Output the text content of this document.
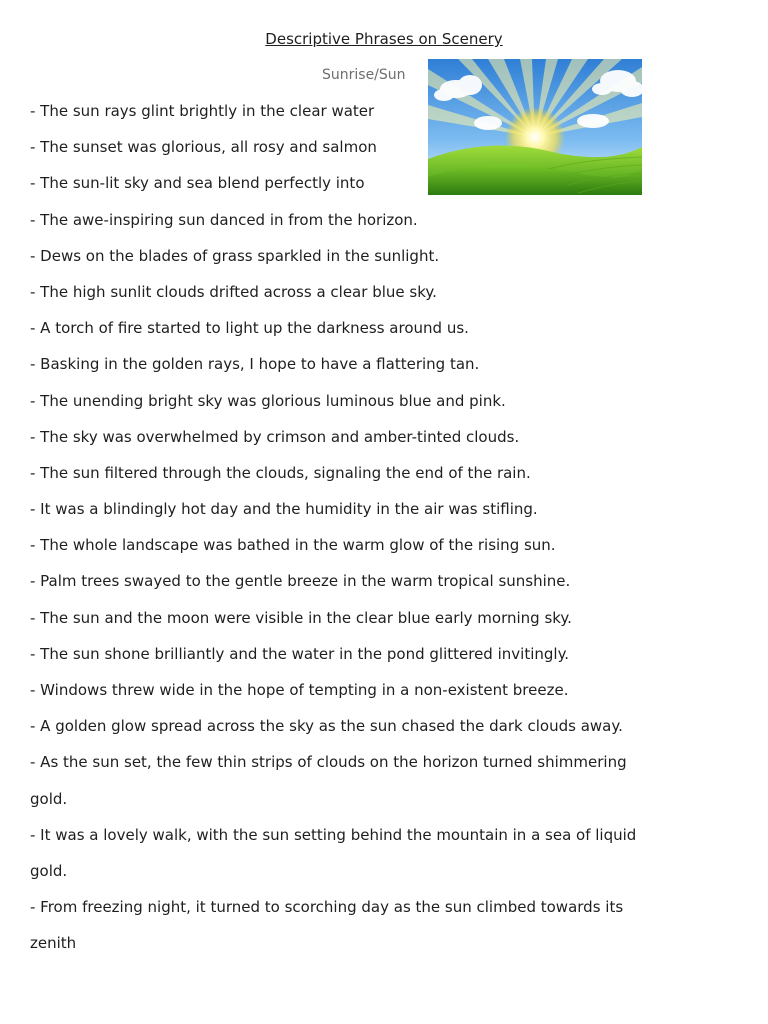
Descriptive Phrases on Scenery
Sunrise/Sun
- The sun rays glint brightly in the clear water
- The sunset was glorious, all rosy and salmon
- The sun-lit sky and sea blend perfectly into
- The awe-inspiring sun danced in from the horizon.
- Dews on the blades of grass sparkled in the sunlight.
- The high sunlit clouds drifted across a clear blue sky.
- A torch of fire started to light up the darkness around us.
- Basking in the golden rays, I hope to have a flattering tan.
- The unending bright sky was glorious luminous blue and pink.
- The sky was overwhelmed by crimson and amber-tinted clouds.
- The sun filtered through the clouds, signaling the end of the rain.
- It was a blindingly hot day and the humidity in the air was stifling.
- The whole landscape was bathed in the warm glow of the rising sun.
- Palm trees swayed to the gentle breeze in the warm tropical sunshine.
- The sun and the moon were visible in the clear blue early morning sky.
- The sun shone brilliantly and the water in the pond glittered invitingly.
- Windows threw wide in the hope of tempting in a non-existent breeze.
- A golden glow spread across the sky as the sun chased the dark clouds away.
- As the sun set, the few thin strips of clouds on the horizon turned shimmering
gold.
- It was a lovely walk, with the sun setting behind the mountain in a sea of liquid
gold.
- From freezing night, it turned to scorching day as the sun climbed towards its
zenith
